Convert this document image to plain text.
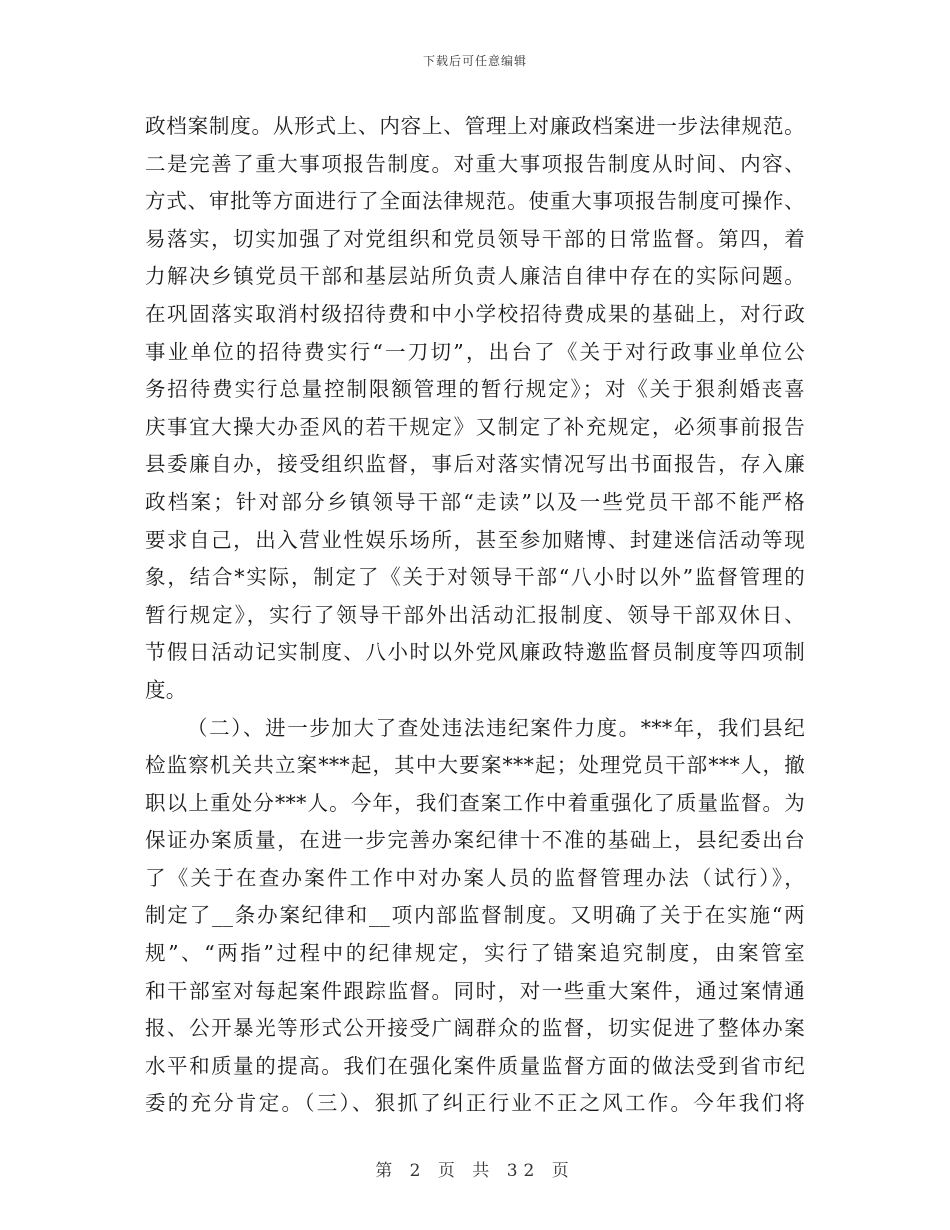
下载后可任意编辑
政档案制度。从形式上、内容上、管理上对廉政档案进一步法律规范。
二是完善了重大事项报告制度。对重大事项报告制度从时间、内容、
方式、审批等方面进行了全面法律规范。使重大事项报告制度可操作、
易落实，切实加强了对党组织和党员领导干部的日常监督。第四，着
力解决乡镇党员干部和基层站所负责人廉洁自律中存在的实际问题。
在巩固落实取消村级招待费和中小学校招待费成果的基础上，对行政
事业单位的招待费实行“一刀切”，出台了《关于对行政事业单位公
务招待费实行总量控制限额管理的暂行规定》；对《关于狠刹婚丧喜
庆事宜大操大办歪风的若干规定》又制定了补充规定，必须事前报告
县委廉自办，接受组织监督，事后对落实情况写出书面报告，存入廉
政档案；针对部分乡镇领导干部“走读”以及一些党员干部不能严格
要求自己，出入营业性娱乐场所，甚至参加赌博、封建迷信活动等现
象，结合*实际，制定了《关于对领导干部“八小时以外”监督管理的
暂行规定》，实行了领导干部外出活动汇报制度、领导干部双休日、
节假日活动记实制度、八小时以外党风廉政特邀监督员制度等四项制
度。
（二）、进一步加大了查处违法违纪案件力度。***年，我们县纪
检监察机关共立案***起，其中大要案***起；处理党员干部***人，撤
职以上重处分***人。今年，我们查案工作中着重强化了质量监督。为
保证办案质量，在进一步完善办案纪律十不准的基础上，县纪委出台
了《关于在查办案件工作中对办案人员的监督管理办法（试行）》，
制定了__条办案纪律和__项内部监督制度。又明确了关于在实施“两
规”、“两指”过程中的纪律规定，实行了错案追究制度，由案管室
和干部室对每起案件跟踪监督。同时，对一些重大案件，通过案情通
报、公开暴光等形式公开接受广阔群众的监督，切实促进了整体办案
水平和质量的提高。我们在强化案件质量监督方面的做法受到省市纪
委的充分肯定。（三）、狠抓了纠正行业不正之风工作。今年我们将
第 2 页 共 32 页
